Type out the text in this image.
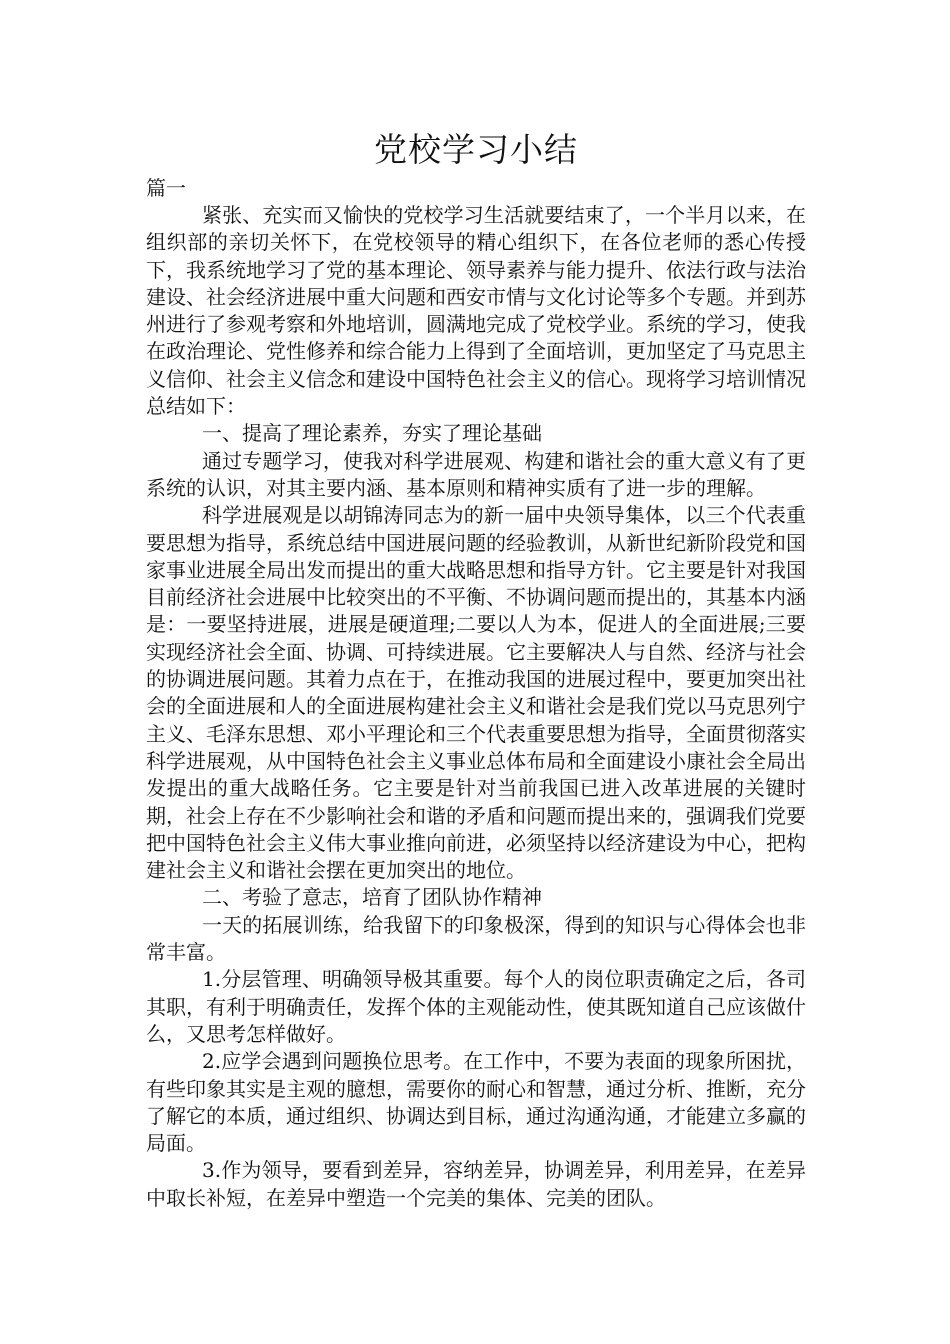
党校学习小结

篇一

紧张、充实而又愉快的党校学习生活就要结束了，一个半月以来，在组织部的亲切关怀下，在党校领导的精心组织下，在各位老师的悉心传授下，我系统地学习了党的基本理论、领导素养与能力提升、依法行政与法治建设、社会经济进展中重大问题和西安市情与文化讨论等多个专题。并到苏州进行了参观考察和外地培训，圆满地完成了党校学业。系统的学习，使我在政治理论、党性修养和综合能力上得到了全面培训，更加坚定了马克思主义信仰、社会主义信念和建设中国特色社会主义的信心。现将学习培训情况总结如下：

一、提高了理论素养，夯实了理论基础

通过专题学习，使我对科学进展观、构建和谐社会的重大意义有了更系统的认识，对其主要内涵、基本原则和精神实质有了进一步的理解。

科学进展观是以胡锦涛同志为的新一届中央领导集体，以三个代表重要思想为指导，系统总结中国进展问题的经验教训，从新世纪新阶段党和国家事业进展全局出发而提出的重大战略思想和指导方针。它主要是针对我国目前经济社会进展中比较突出的不平衡、不协调问题而提出的，其基本内涵是：一要坚持进展，进展是硬道理;二要以人为本，促进人的全面进展;三要实现经济社会全面、协调、可持续进展。它主要解决人与自然、经济与社会的协调进展问题。其着力点在于，在推动我国的进展过程中，要更加突出社会的全面进展和人的全面进展构建社会主义和谐社会是我们党以马克思列宁主义、毛泽东思想、邓小平理论和三个代表重要思想为指导，全面贯彻落实科学进展观，从中国特色社会主义事业总体布局和全面建设小康社会全局出发提出的重大战略任务。它主要是针对当前我国已进入改革进展的关键时期，社会上存在不少影响社会和谐的矛盾和问题而提出来的，强调我们党要把中国特色社会主义伟大事业推向前进，必须坚持以经济建设为中心，把构建社会主义和谐社会摆在更加突出的地位。

二、考验了意志，培育了团队协作精神

一天的拓展训练，给我留下的印象极深，得到的知识与心得体会也非常丰富。

1.分层管理、明确领导极其重要。每个人的岗位职责确定之后，各司其职，有利于明确责任，发挥个体的主观能动性，使其既知道自己应该做什么，又思考怎样做好。

2.应学会遇到问题换位思考。在工作中，不要为表面的现象所困扰，有些印象其实是主观的臆想，需要你的耐心和智慧，通过分析、推断，充分了解它的本质，通过组织、协调达到目标，通过沟通沟通，才能建立多赢的局面。

3.作为领导，要看到差异，容纳差异，协调差异，利用差异，在差异中取长补短，在差异中塑造一个完美的集体、完美的团队。
